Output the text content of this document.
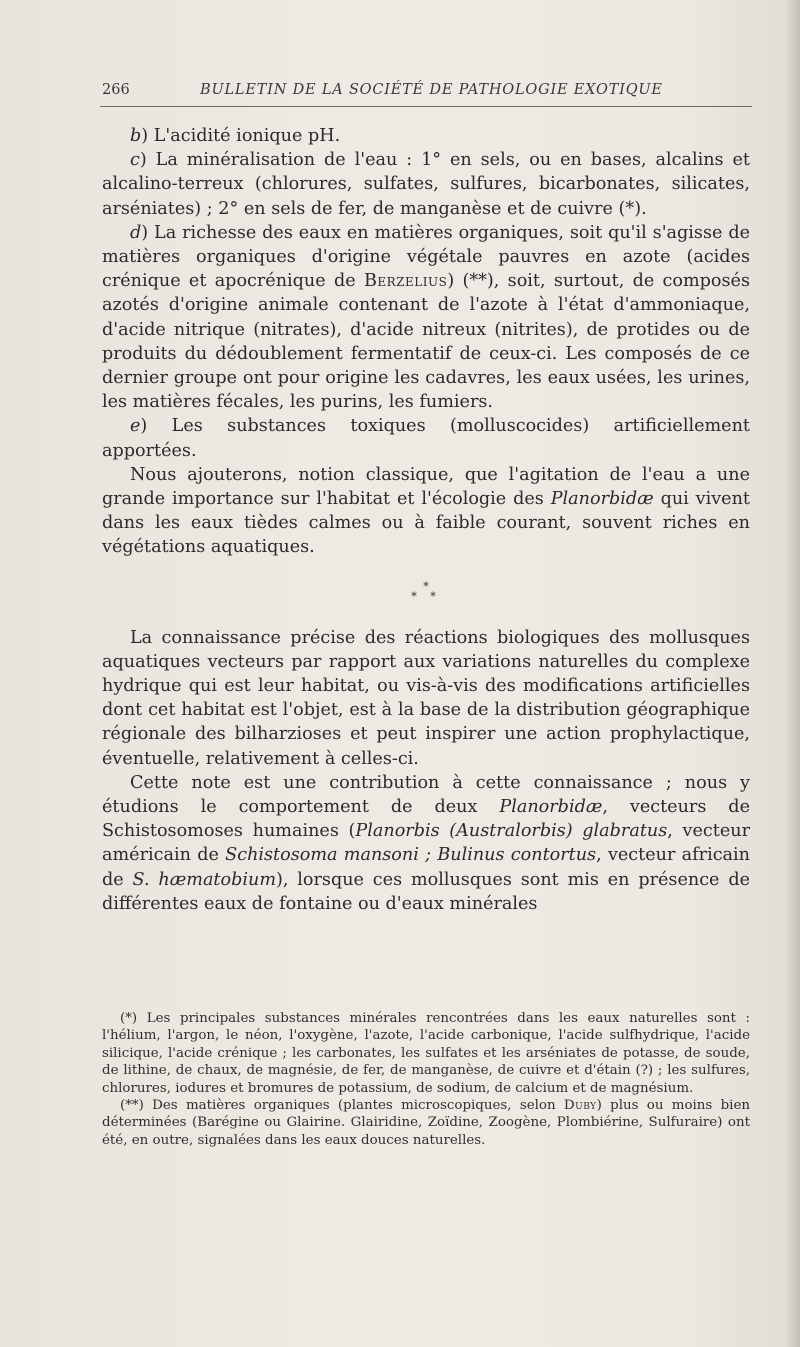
266	BULLETIN DE LA SOCIÉTÉ DE PATHOLOGIE EXOTIQUE

b) L'acidité ionique pH.

c) La minéralisation de l'eau : 1° en sels, ou en bases, alcalins et alcalino-terreux (chlorures, sulfates, sulfures, bicarbonates, silicates, arséniates) ; 2° en sels de fer, de manganèse et de cuivre (*).

d) La richesse des eaux en matières organiques, soit qu'il s'agisse de matières organiques d'origine végétale pauvres en azote (acides crénique et apocrénique de Berzelius) (**), soit, surtout, de composés azotés d'origine animale contenant de l'azote à l'état d'ammoniaque, d'acide nitrique (nitrates), d'acide nitreux (nitrites), de protides ou de produits du dédoublement fermentatif de ceux-ci. Les composés de ce dernier groupe ont pour origine les cadavres, les eaux usées, les urines, les matières fécales, les purins, les fumiers.

e) Les substances toxiques (molluscocides) artificiellement apportées.

Nous ajouterons, notion classique, que l'agitation de l'eau a une grande importance sur l'habitat et l'écologie des Planorbidæ qui vivent dans les eaux tièdes calmes ou à faible courant, souvent riches en végétations aquatiques.

*
* *

La connaissance précise des réactions biologiques des mollusques aquatiques vecteurs par rapport aux variations naturelles du complexe hydrique qui est leur habitat, ou vis-à-vis des modifications artificielles dont cet habitat est l'objet, est à la base de la distribution géographique régionale des bilharzioses et peut inspirer une action prophylactique, éventuelle, relativement à celles-ci.

Cette note est une contribution à cette connaissance ; nous y étudions le comportement de deux Planorbidæ, vecteurs de Schistosomoses humaines (Planorbis (Australorbis) glabratus, vecteur américain de Schistosoma mansoni ; Bulinus contortus, vecteur africain de S. hæmatobium), lorsque ces mollusques sont mis en présence de différentes eaux de fontaine ou d'eaux minérales

(*) Les principales substances minérales rencontrées dans les eaux naturelles sont : l'hélium, l'argon, le néon, l'oxygène, l'azote, l'acide carbonique, l'acide sulfhydrique, l'acide silicique, l'acide crénique ; les carbonates, les sulfates et les arséniates de potasse, de soude, de lithine, de chaux, de magnésie, de fer, de manganèse, de cuivre et d'étain (?) ; les sulfures, chlorures, iodures et bromures de potassium, de sodium, de calcium et de magnésium.

(**) Des matières organiques (plantes microscopiques, selon Duby) plus ou moins bien déterminées (Barégine ou Glairine. Glairidine, Zoïdine, Zoogène, Plombiérine, Sulfuraire) ont été, en outre, signalées dans les eaux douces naturelles.
